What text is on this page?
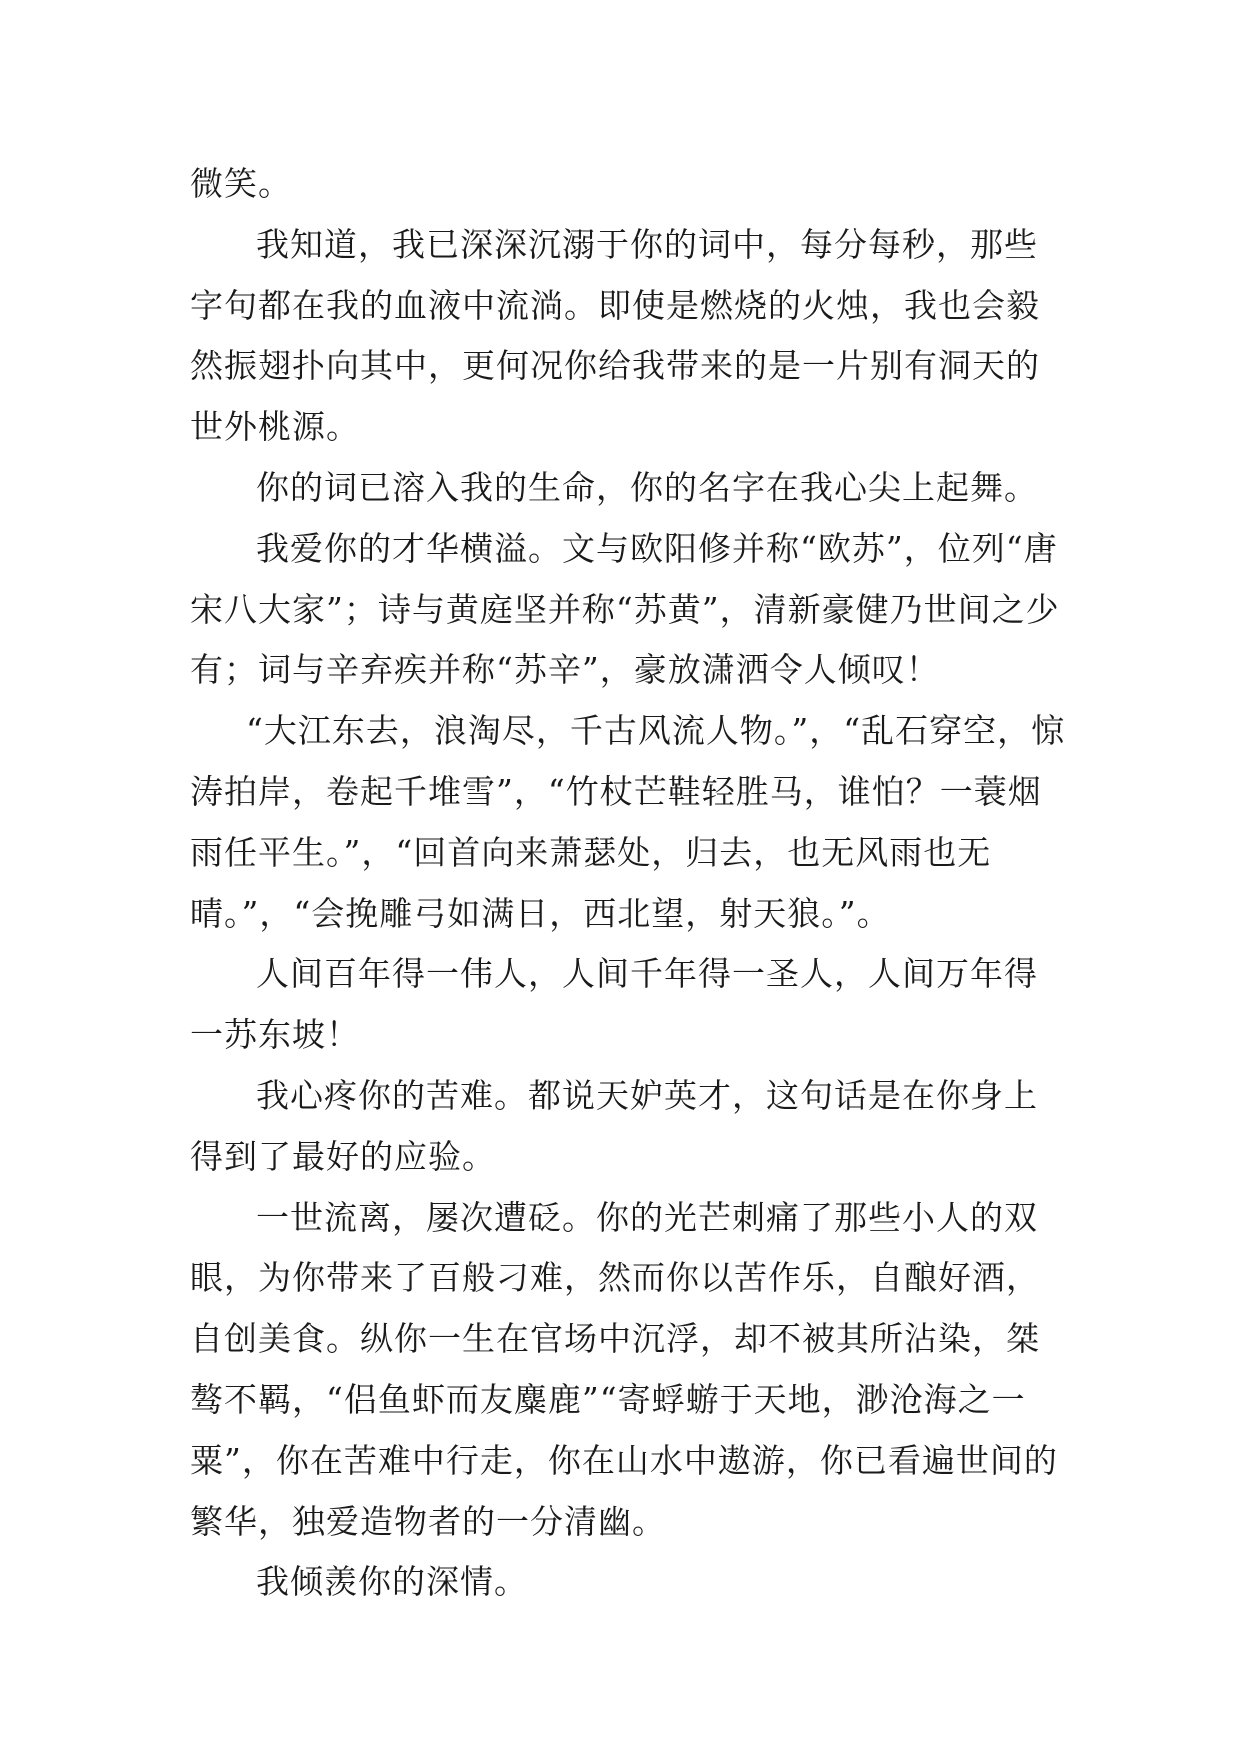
微笑。

我知道，我已深深沉溺于你的词中，每分每秒，那些字句都在我的血液中流淌。即使是燃烧的火烛，我也会毅然振翅扑向其中，更何况你给我带来的是一片别有洞天的世外桃源。

你的词已溶入我的生命，你的名字在我心尖上起舞。

我爱你的才华横溢。文与欧阳修并称“欧苏”，位列“唐宋八大家”；诗与黄庭坚并称“苏黄”，清新豪健乃世间之少有；词与辛弃疾并称“苏辛”，豪放潇洒令人倾叹！

“大江东去，浪淘尽，千古风流人物。”，“乱石穿空，惊涛拍岸，卷起千堆雪”，“竹杖芒鞋轻胜马，谁怕？一蓑烟雨任平生。”，“回首向来萧瑟处，归去，也无风雨也无晴。”，“会挽雕弓如满日，西北望，射天狼。”。

人间百年得一伟人，人间千年得一圣人，人间万年得一苏东坡！

我心疼你的苦难。都说天妒英才，这句话是在你身上得到了最好的应验。

一世流离，屡次遭砭。你的光芒刺痛了那些小人的双眼，为你带来了百般刁难，然而你以苦作乐，自酿好酒，自创美食。纵你一生在官场中沉浮，却不被其所沾染，桀骜不羁，“侣鱼虾而友麋鹿”“寄蜉蝣于天地，渺沧海之一粟”，你在苦难中行走，你在山水中遨游，你已看遍世间的繁华，独爱造物者的一分清幽。

我倾羡你的深情。
